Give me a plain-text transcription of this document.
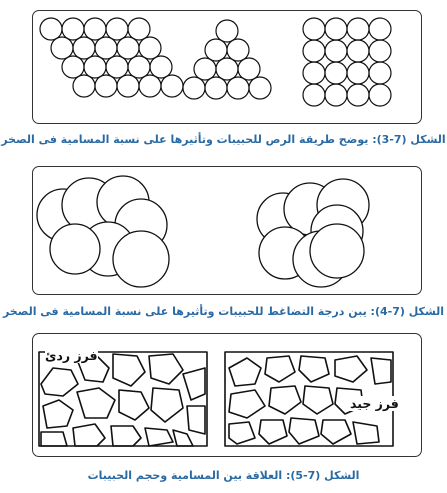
الشكل (7-3): يوضح طريقة الرص للحبيبات وتأثيرها على نسبة المسامية فى الصخر
الشكل (7-4): يبن درجة التضاغط للحبيبات وتأثيرها على نسبة المسامية فى الصخر
فرز ردئ
فرز جيد
الشكل (7-5): العلاقة بين المسامية وحجم الحبيبات
